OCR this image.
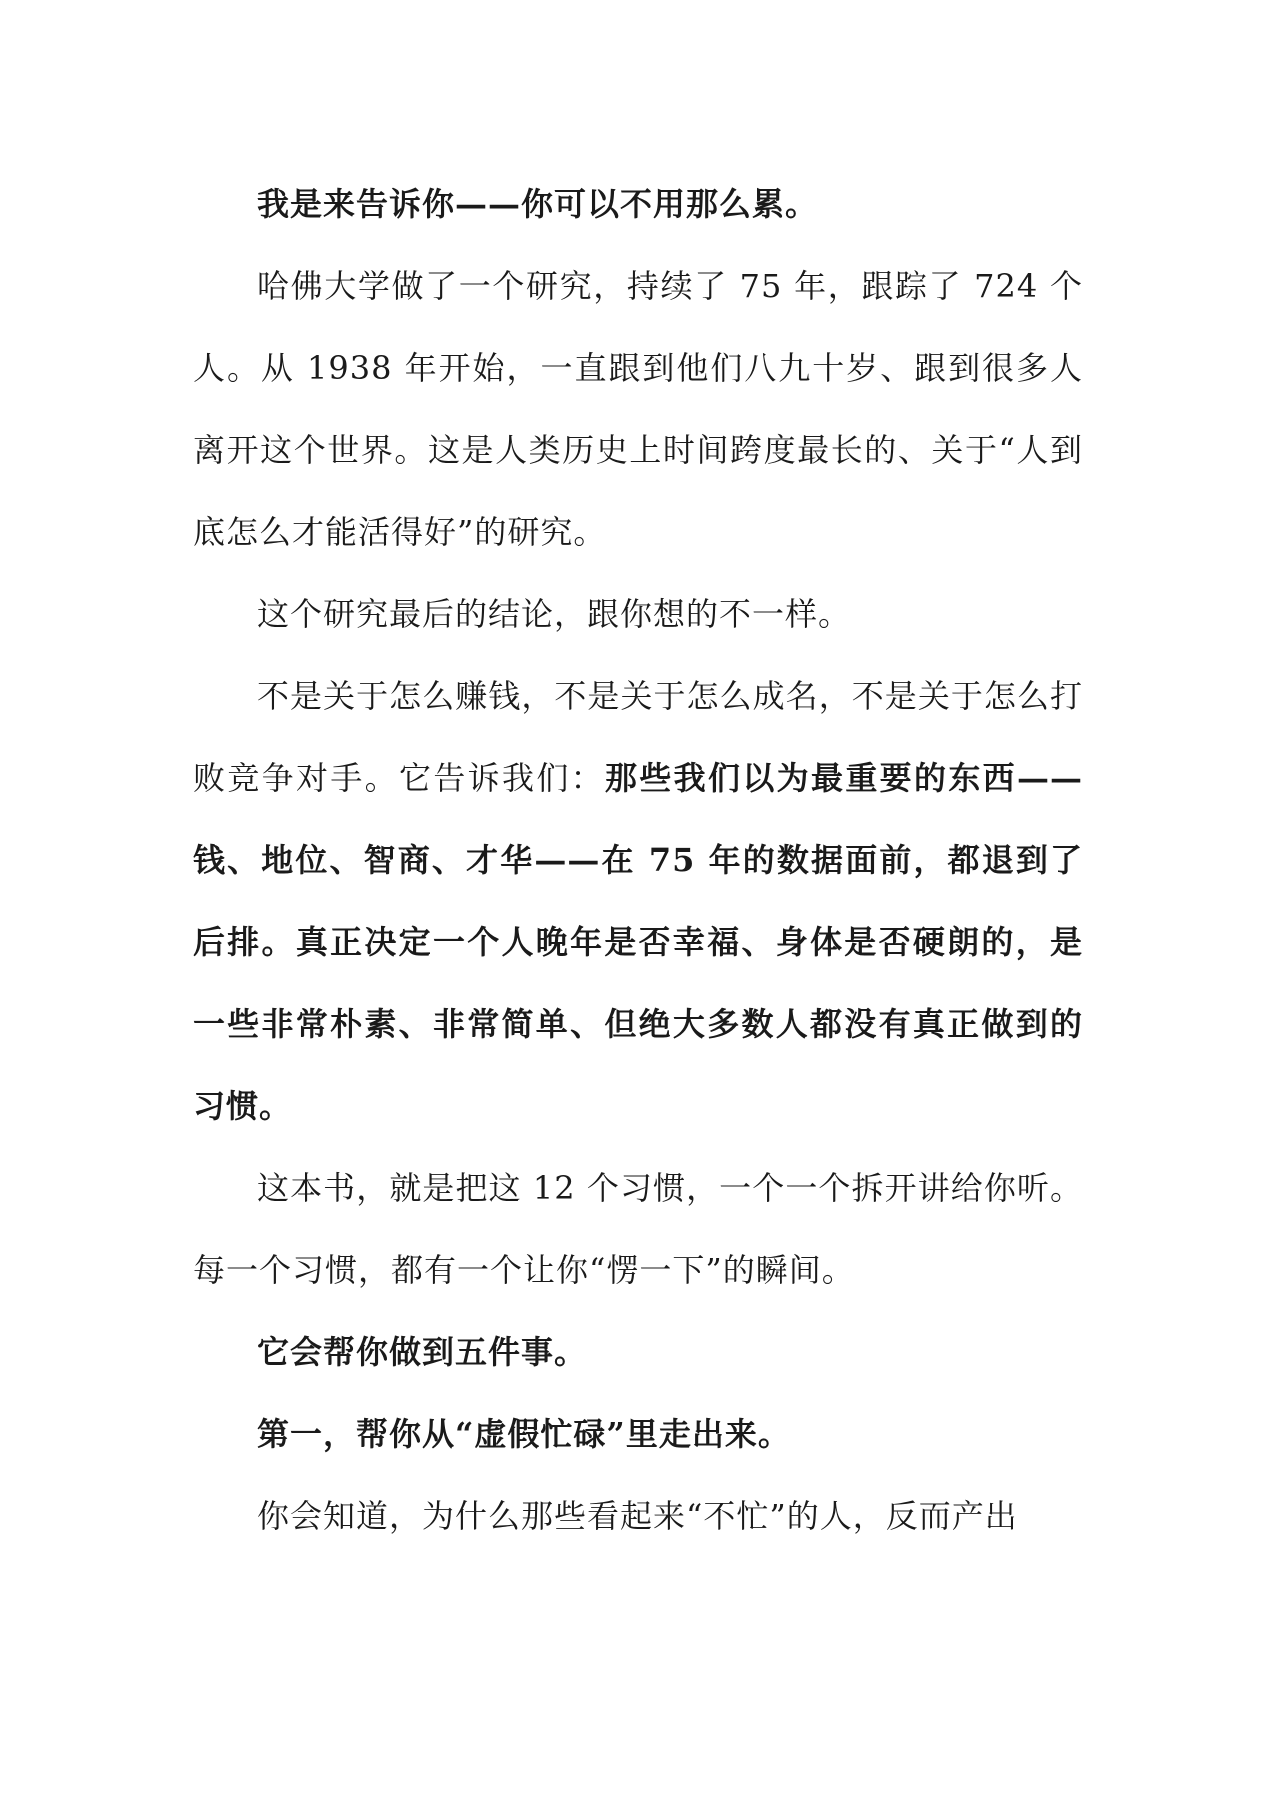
我是来告诉你——你可以不用那么累。

哈佛大学做了一个研究，持续了 75 年，跟踪了 724 个人。从 1938 年开始，一直跟到他们八九十岁、跟到很多人离开这个世界。这是人类历史上时间跨度最长的、关于“人到底怎么才能活得好”的研究。

这个研究最后的结论，跟你想的不一样。

不是关于怎么赚钱，不是关于怎么成名，不是关于怎么打败竞争对手。它告诉我们：那些我们以为最重要的东西——钱、地位、智商、才华——在 75 年的数据面前，都退到了后排。真正决定一个人晚年是否幸福、身体是否硬朗的，是一些非常朴素、非常简单、但绝大多数人都没有真正做到的习惯。

这本书，就是把这 12 个习惯，一个一个拆开讲给你听。每一个习惯，都有一个让你“愣一下”的瞬间。

它会帮你做到五件事。

第一，帮你从“虚假忙碌”里走出来。

你会知道，为什么那些看起来“不忙”的人，反而产出
